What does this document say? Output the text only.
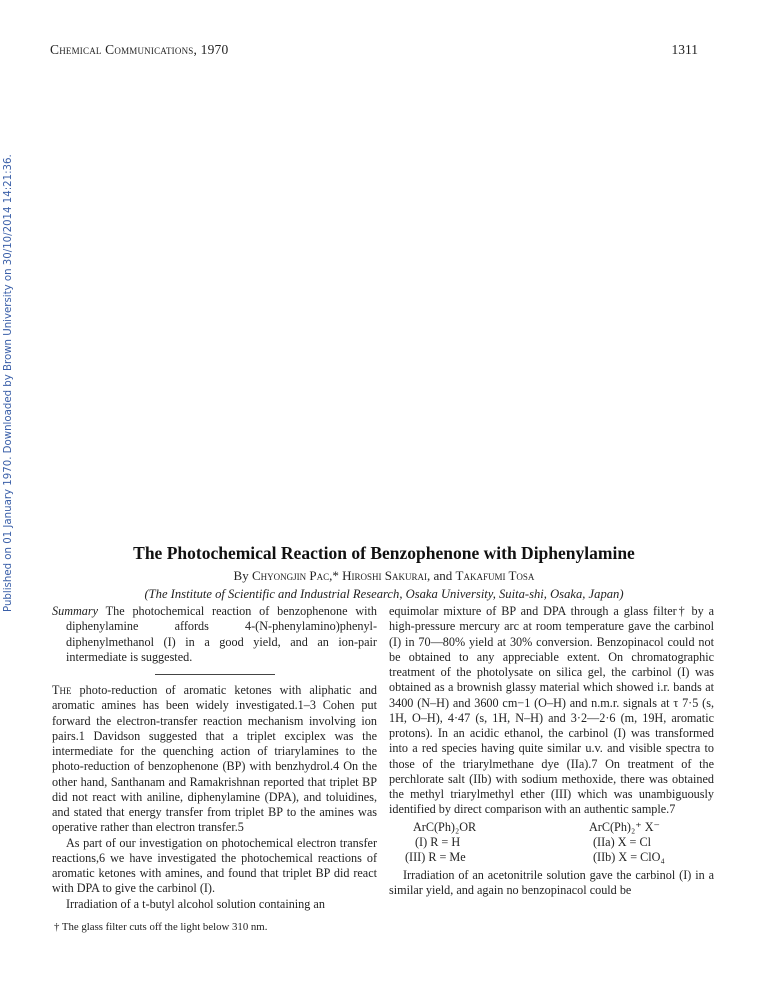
Chemical Communications, 1970	1311
Published on 01 January 1970. Downloaded by Brown University on 30/10/2014 14:21:36.	The Photochemical Reaction of Benzophenone with Diphenylamine
By Chyongjin Pac,* Hiroshi Sakurai, and Takafumi Tosa
(The Institute of Scientific and Industrial Research, Osaka University, Suita-shi, Osaka, Japan)

Summary The photochemical reaction of benzophenone with diphenylamine affords 4-(N-phenylamino)phenyl-diphenylmethanol (I) in a good yield, and an ion-pair intermediate is suggested.

The photo-reduction of aromatic ketones with aliphatic and aromatic amines has been widely investigated.1–3 Cohen put forward the electron-transfer reaction mechanism involving ion pairs.1 Davidson suggested that a triplet exciplex was the intermediate for the quenching action of triarylamines to the photo-reduction of benzophenone (BP) with benzhydrol.4 On the other hand, Santhanam and Ramakrishnan reported that triplet BP did not react with aniline, diphenylamine (DPA), and toluidines, and stated that energy transfer from triplet BP to the amines was operative rather than electron transfer.5

As part of our investigation on photochemical electron transfer reactions,6 we have investigated the photochemical reactions of aromatic ketones with amines, and found that triplet BP did react with DPA to give the carbinol (I).

Irradiation of a t-butyl alcohol solution containing an

† The glass filter cuts off the light below 310 nm.

equimolar mixture of BP and DPA through a glass filter† by a high-pressure mercury arc at room temperature gave the carbinol (I) in 70—80% yield at 30% conversion. Benzopinacol could not be obtained to any appreciable extent. On chromatographic treatment of the photolysate on silica gel, the carbinol (I) was obtained as a brownish glassy material which showed i.r. bands at 3400 (N–H) and 3600 cm−1 (O–H) and n.m.r. signals at τ 7·5 (s, 1H, O–H), 4·47 (s, 1H, N–H) and 3·2—2·6 (m, 19H, aromatic protons). In an acidic ethanol, the carbinol (I) was transformed into a red species having quite similar u.v. and visible spectra to those of the triarylmethane dye (IIa).7 On treatment of the perchlorate salt (IIb) with sodium methoxide, there was obtained the methyl triarylmethyl ether (III) which was unambiguously identified by direct comparison with an authentic sample.7

ArC(Ph)₂OR	ArC(Ph)₂⁺ X⁻
(I) R = H	(IIa) X = Cl
(III) R = Me	(IIb) X = ClO₄

Irradiation of an acetonitrile solution gave the carbinol (I) in a similar yield, and again no benzopinacol could be
